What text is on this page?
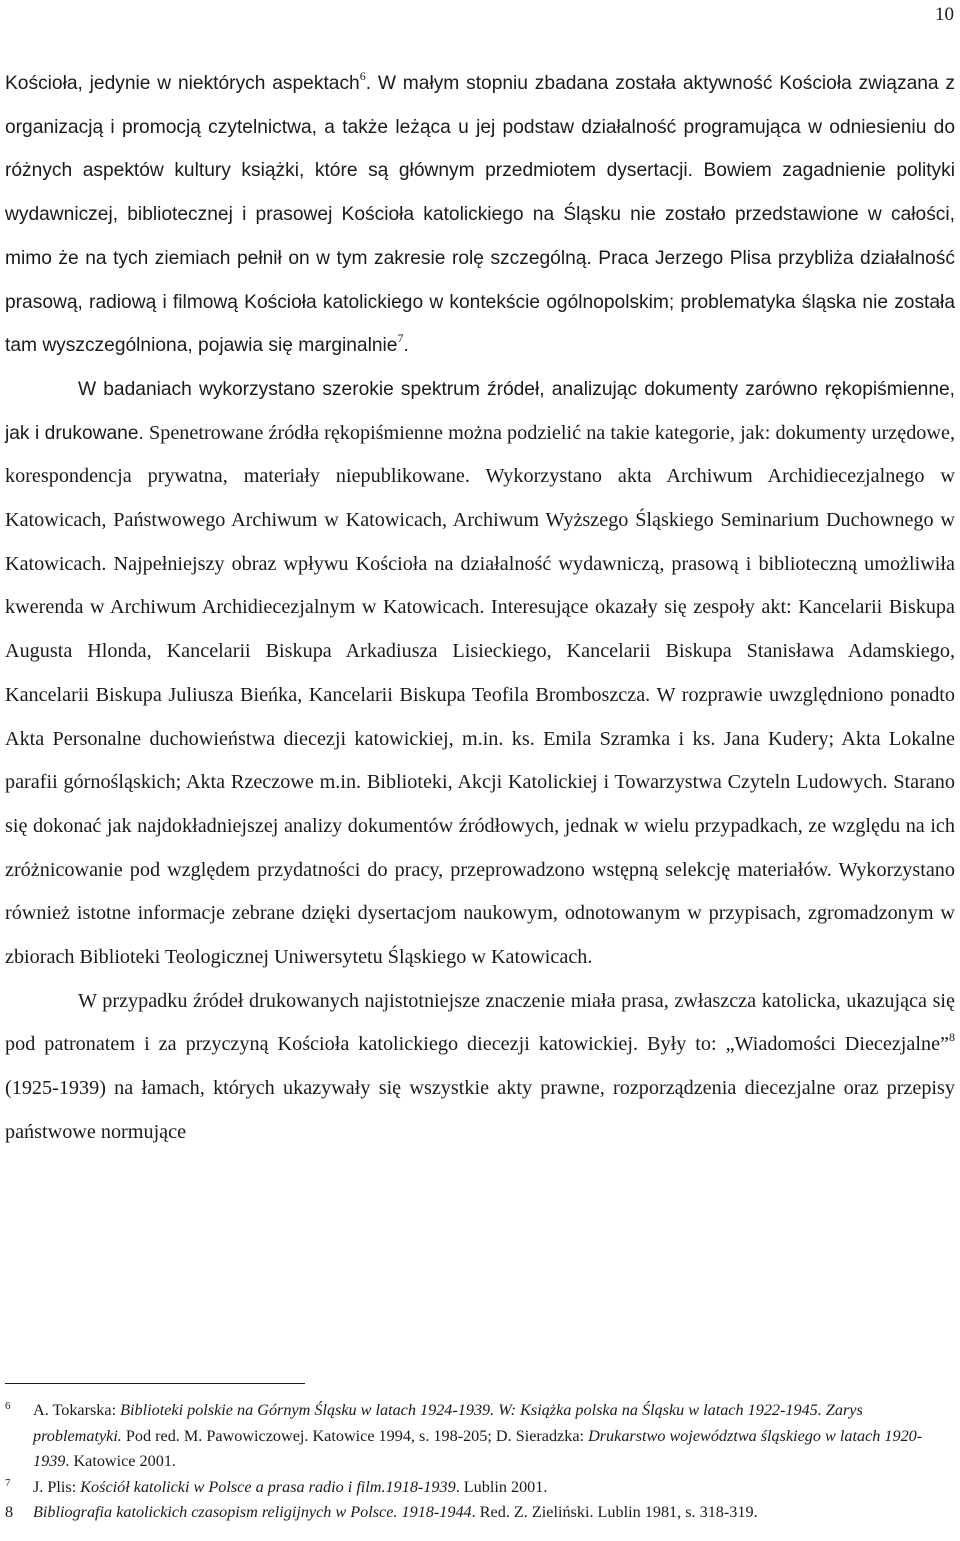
10

Kościoła, jedynie w niektórych aspektach$^6$. W małym stopniu zbadana została aktywność Kościoła związana z organizacją i promocją czytelnictwa, a także leżąca u jej podstaw działalność programująca w odniesieniu do różnych aspektów kultury książki, które są głównym przedmiotem dysertacji. Bowiem zagadnienie polityki wydawniczej, bibliotecznej i prasowej Kościoła katolickiego na Śląsku nie zostało przedstawione w całości, mimo że na tych ziemiach pełnił on w tym zakresie rolę szczególną. Praca Jerzego Plisa przybliża działalność prasową, radiową i filmową Kościoła katolickiego w kontekście ogólnopolskim; problematyka śląska nie została tam wyszczególniona, pojawia się marginalnie$^7$.

W badaniach wykorzystano szerokie spektrum źródeł, analizując dokumenty zarówno rękopiśmienne, jak i drukowane. Spenetrowane źródła rękopiśmienne można podzielić na takie kategorie, jak: dokumenty urzędowe, korespondencja prywatna, materiały niepublikowane. Wykorzystano akta Archiwum Archidiecezjalnego w Katowicach, Państwowego Archiwum w Katowicach, Archiwum Wyższego Śląskiego Seminarium Duchownego w Katowicach. Najpełniejszy obraz wpływu Kościoła na działalność wydawniczą, prasową i biblioteczną umożliwiła kwerenda w Archiwum Archidiecezjalnym w Katowicach. Interesujące okazały się zespoły akt: Kancelarii Biskupa Augusta Hlonda, Kancelarii Biskupa Arkadiusza Lisieckiego, Kancelarii Biskupa Stanisława Adamskiego, Kancelarii Biskupa Juliusza Bieńka, Kancelarii Biskupa Teofila Bromboszcza. W rozprawie uwzględniono ponadto Akta Personalne duchowieństwa diecezji katowickiej, m.in. ks. Emila Szramka i ks. Jana Kudery; Akta Lokalne parafii górnośląskich; Akta Rzeczowe m.in. Biblioteki, Akcji Katolickiej i Towarzystwa Czyteln Ludowych. Starano się dokonać jak najdokładniejszej analizy dokumentów źródłowych, jednak w wielu przypadkach, ze względu na ich zróżnicowanie pod względem przydatności do pracy, przeprowadzono wstępną selekcję materiałów. Wykorzystano również istotne informacje zebrane dzięki dysertacjom naukowym, odnotowanym w przypisach, zgromadzonym w zbiorach Biblioteki Teologicznej Uniwersytetu Śląskiego w Katowicach.

W przypadku źródeł drukowanych najistotniejsze znaczenie miała prasa, zwłaszcza katolicka, ukazująca się pod patronatem i za przyczyną Kościoła katolickiego diecezji katowickiej. Były to: „Wiadomości Diecezjalne”$^8$ (1925-1939) na łamach, których ukazywały się wszystkie akty prawne, rozporządzenia diecezjalne oraz przepisy państwowe normujące

$^6$ A. Tokarska: Biblioteki polskie na Górnym Śląsku w latach 1924-1939. W: Książka polska na Śląsku w latach 1922-1945. Zarys problematyki. Pod red. M. Pawowiczowej. Katowice 1994, s. 198-205; D. Sieradzka: Drukarstwo województwa śląskiego w latach 1920-1939. Katowice 2001.

$^7$ J. Plis: Kościół katolicki w Polsce a prasa radio i film.1918-1939. Lublin 2001.

8 Bibliografia katolickich czasopism religijnych w Polsce. 1918-1944. Red. Z. Zieliński. Lublin 1981, s. 318-319.
